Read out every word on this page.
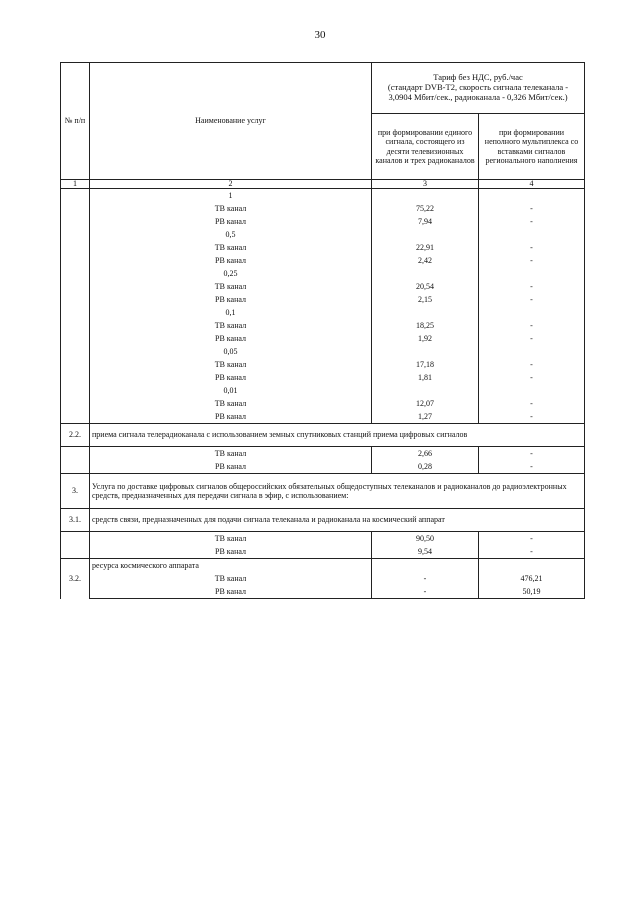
30
№ п/п	Наименование услуг	Тариф без НДС, руб./час
(стандарт DVB-T2, скорость сигнала телеканала -
3,0904 Мбит/сек., радиоканала - 0,326 Мбит/сек.)	

		при формировании единого сигнала, состоящего из десяти телевизионных каналов и трех радиоканалов	при формировании неполного мультиплекса со вставками сигналов регионального наполнения
1	2	3	4
	1		
	ТВ канал	75,22	-
	РВ канал	7,94	-
	0,5		
	ТВ канал	22,91	-
	РВ канал	2,42	-
	0,25		
	ТВ канал	20,54	-
	РВ канал	2,15	-
	0,1		
	ТВ канал	18,25	-
	РВ канал	1,92	-
	0,05		
	ТВ канал	17,18	-
	РВ канал	1,81	-
	0,01		
	ТВ канал	12,07	-
	РВ канал	1,27	-
2.2.	приема сигнала телерадиоканала с использованием земных спутниковых станций приема цифровых сигналов		
	ТВ канал	2,66	-
	РВ канал	0,28	-
3.	Услуга по доставке цифровых сигналов общероссийских обязательных общедоступных телеканалов и радиоканалов до радиоэлектронных средств, предназначенных для передачи сигнала в эфир, с использованием:		
3.1.	средств связи, предназначенных для подачи сигнала телеканала и радиоканала на космический аппарат		
	ТВ канал	90,50	-
	РВ канал	9,54	-
3.2.	ресурса космического аппарата		
	ТВ канал	-	476,21
	РВ канал	-	50,19
